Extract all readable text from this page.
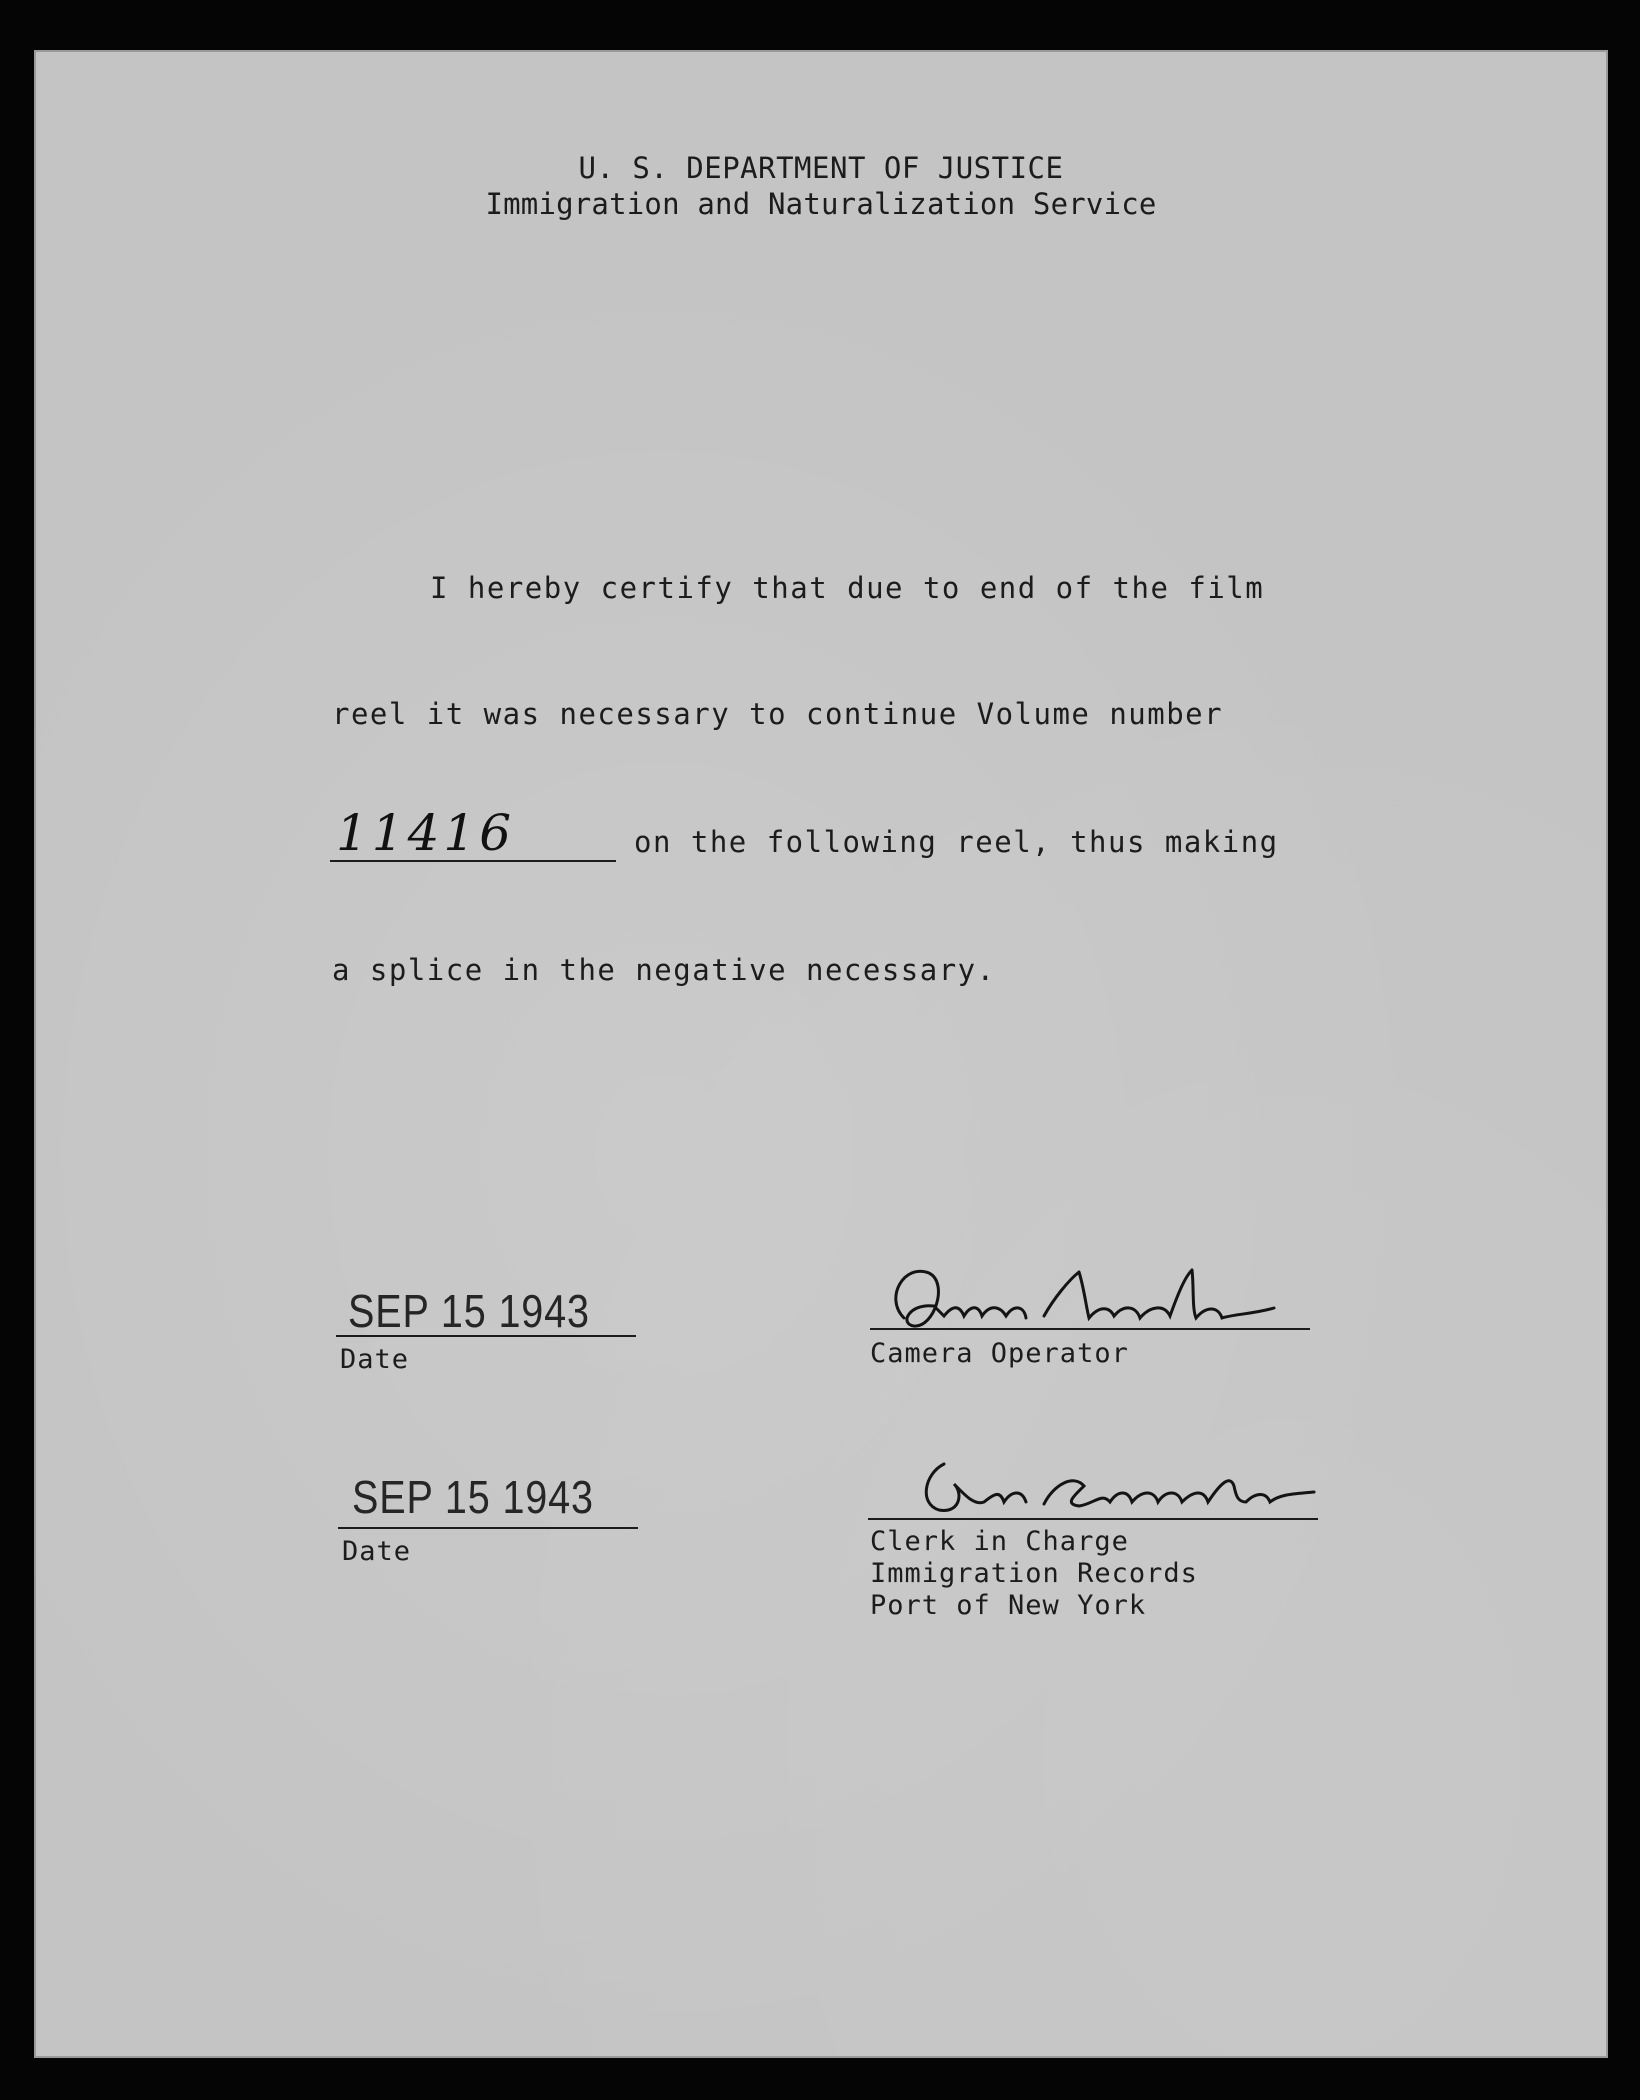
U. S. DEPARTMENT OF JUSTICE
Immigration and Naturalization Service
I hereby certify that due to end of the film
reel it was necessary to continue Volume number
11416	on the following reel, thus making
a splice in the negative necessary.
SEP 15 1943
Date	Camera Operator
SEP 15 1943
Date	Clerk in Charge
Immigration Records
Port of New York
